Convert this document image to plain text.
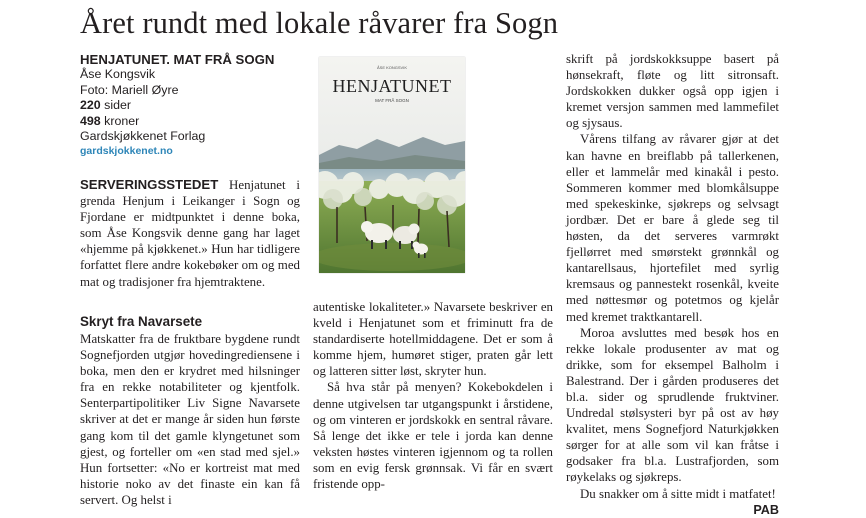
Året rundt med lokale råvarer fra Sogn
HENJATUNET. MAT FRÅ SOGN
Åse Kongsvik
Foto: Mariell Øyre
220 sider
498 kroner
Gardskjøkkenet Forlag
gardskjokkenet.no
ÅSE KONGSVIK
HENJATUNET
MAT FRÅ SOGN

SERVERINGSSTEDET Henjatunet i grenda Henjum i Leikanger i Sogn og Fjordane er midtpunktet i denne boka, som Åse Kongsvik denne gang har laget «hjemme på kjøkkenet.» Hun har tidligere forfattet flere andre kokebøker om og med mat og tradisjoner fra hjemtraktene.

Skryt fra Navarsete

Matskatter fra de fruktbare bygdene rundt Sognefjorden utgjør hovedingrediensene i boka, men den er krydret med hilsninger fra en rekke notabiliteter og kjentfolk. Senterpartipolitiker Liv Signe Navarsete skriver at det er mange år siden hun første gang kom til det gamle klyngetunet som gjest, og forteller om «en stad med sjel.» Hun fortsetter: «No er kortreist mat med historie noko av det finaste ein kan få servert. Og helst i

autentiske lokaliteter.» Navarsete beskriver en kveld i Henjatunet som et friminutt fra de standardiserte hotellmiddagene. Det er som å komme hjem, humøret stiger, praten går lett og latteren sitter løst, skryter hun.

Så hva står på menyen? Kokebokdelen i denne utgivelsen tar utgangspunkt i årstidene, og om vinteren er jordskokk en sentral råvare. Så lenge det ikke er tele i jorda kan denne veksten høstes vinteren igjennom og ta rollen som en evig fersk grønnsak. Vi får en svært fristende opp-

skrift på jordskokksuppe basert på hønsekraft, fløte og litt sitronsaft. Jordskokken dukker også opp igjen i kremet versjon sammen med lammefilet og sjysaus.

Vårens tilfang av råvarer gjør at det kan havne en breiflabb på tallerkenen, eller et lammelår med kinakål i pesto. Sommeren kommer med blomkålsuppe med spekeskinke, sjøkreps og selvsagt jordbær. Det er bare å glede seg til høsten, da det serveres varmrøkt fjellørret med smørstekt grønnkål og kantarellsaus, hjortefilet med syrlig kremsaus og pannestekt rosenkål, kveite med nøttesmør og potetmos og kjelår med kremet traktkantarell.

Moroa avsluttes med besøk hos en rekke lokale produsenter av mat og drikke, som for eksempel Balholm i Balestrand. Der i gården produseres det bl.a. sider og sprudlende fruktviner. Undredal stølsysteri byr på ost av høy kvalitet, mens Sognefjord Naturkjøkken sørger for at alle som vil kan fråtse i godsaker fra bl.a. Lustrafjorden, som røykelaks og sjøkreps.

Du snakker om å sitte midt i matfatet!

PAB
